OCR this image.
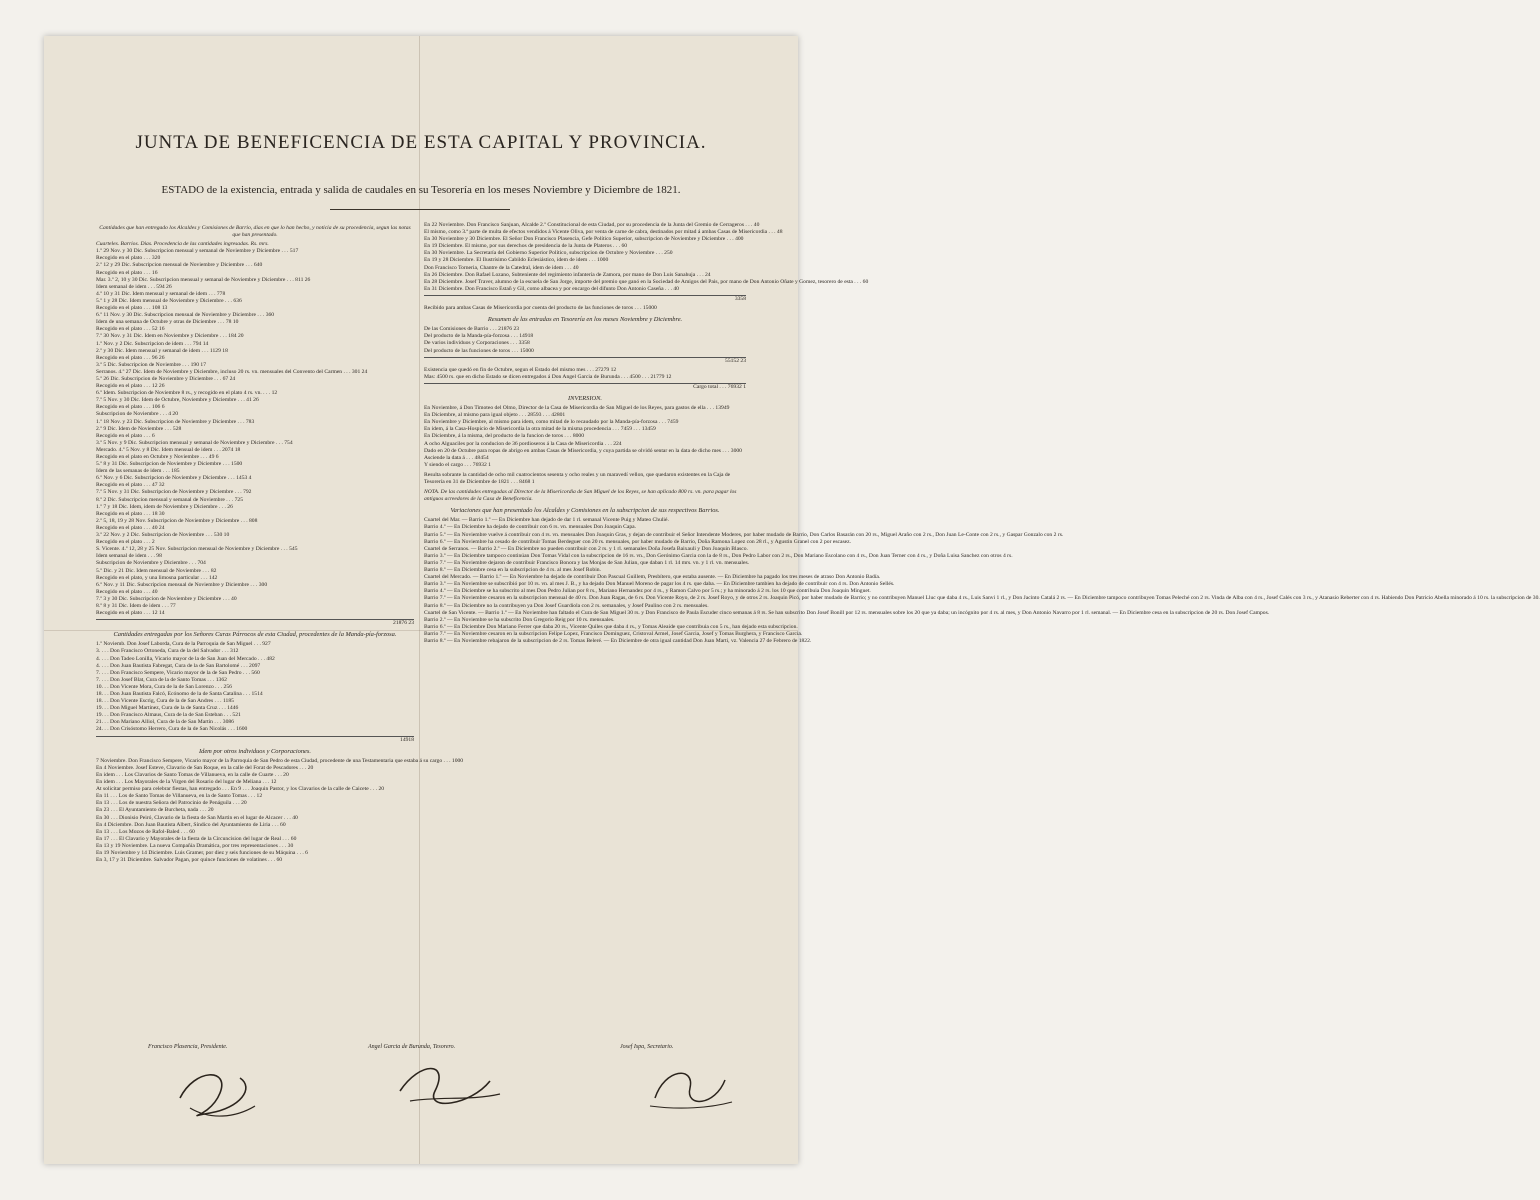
JUNTA DE BENEFICENCIA DE ESTA CAPITAL Y PROVINCIA.
ESTADO de la existencia, entrada y salida de caudales en su Tesorería en los meses Noviembre y Diciembre de 1821.
Cantidades que han entregado los Alcaldes y Comisiones de Barrio, dias en que lo han hecho, y noticia de su procedencia, segun las notas que han presentado.
Cuarteles. Barrios. Dias. Procedencia de las cantidades ingresadas. Rs. mrs.
1.º 29 Nov. y 30 Dic. Subscripcion mensual y semanal de Noviembre y Diciembre . . . 517
Recogido en el plato . . . 320
2.º 12 y 29 Dic. Subscripcion mensual de Noviembre y Diciembre . . . 640
Recogido en el plato . . . 16
Mar. 3.º 2, 10 y 30 Dic. Subscripcion mensual y semanal de Noviembre y Diciembre . . . 811 26
Idem semanal de idem . . . 594 26
4.º 10 y 31 Dic. Idem mensual y semanal de idem . . . 778
5.º 1 y 28 Dic. Idem mensual de Noviembre y Diciembre . . . 636
Recogido en el plato . . . 108 13
6.º 11 Nov. y 30 Dic. Subscripcion mensual de Noviembre y Diciembre . . . 360
Idem de una semana de Octubre y otras de Diciembre . . . 78 10
Recogido en el plato . . . 52 16
7.º 30 Nov. y 31 Dic. Idem en Noviembre y Diciembre . . . 184 20
1.º Nov. y 2 Dic. Subscripcion de idem . . . 794 14
2.º y 30 Dic. Idem mensual y semanal de idem . . . 1129 18
Recogido en el plato . . . 96 26
3.º 5 Dic. Subscripcion de Noviembre . . . 190 17
Serranos. 4.º 27 Dic. Idem de Noviembre y Diciembre, incluso 20 rs. vn. mensuales del Convento del Carmen . . . 301 24
5.º 26 Dic. Subscripcion de Noviembre y Diciembre . . . 67 24
Recogido en el plato . . . 12 26
6.º Idem. Subscripcion de Noviembre 8 rs., y recogido en el plato 4 rs. vn. . . . 12
7.º 5 Nov. y 30 Dic. Idem de Octubre, Noviembre y Diciembre . . . 41 26
Recogido en el plato . . . 106 6
Subscripcion de Noviembre . . . 4 20
1.º 18 Nov. y 23 Dic. Subscripcion de Noviembre y Diciembre . . . 783
2.º 9 Dic. Idem de Noviembre . . . 528
Recogido en el plato . . . 6
3.º 5 Nov. y 9 Dic. Subscripcion mensual y semanal de Noviembre y Diciembre . . . 754
Mercado. 4.º 5 Nov. y 8 Dic. Idem mensual de idem . . . 2074 18
Recogido en el plato en Octubre y Noviembre . . . 49 6
5.º 8 y 31 Dic. Subscripcion de Noviembre y Diciembre . . . 1500
Idem de las semanas de idem . . . 185
6.º Nov. y 6 Dic. Subscripcion de Noviembre y Diciembre . . . 1453 4
Recogido en el plato . . . 47 32
7.º 5 Nov. y 31 Dic. Subscripcion de Noviembre y Diciembre . . . 792
8.º 2 Dic. Subscripcion mensual y semanal de Noviembre . . . 725
1.º 7 y 18 Dic. Idem, idem de Noviembre y Diciembre . . . 26
Recogido en el plato . . . 18 30
2.º 5, 18, 19 y 28 Nov. Subscripcion de Noviembre y Diciembre . . . 808
Recogido en el plato . . . 40 24
3.º 22 Nov. y 2 Dic. Subscripcion de Noviembre . . . 530 10
Recogido en el plato . . . 2
S. Vicente. 4.º 12, 28 y 25 Nov. Subscripcion mensual de Noviembre y Diciembre . . . 545
Idem semanal de idem . . . 98
Subscripcion de Noviembre y Diciembre . . . 704
5.º Dic. y 21 Dic. Idem mensual de Noviembre . . . 82
Recogido en el plato, y una limosna particular . . . 142
6.º Nov. y 11 Dic. Subscripcion mensual de Noviembre y Diciembre . . . 300
Recogido en el plato . . . 40
7.º 3 y 30 Dic. Subscripcion de Noviembre y Diciembre . . . 40
8.º 8 y 31 Dic. Idem de idem . . . 77
Recogido en el plato . . . 12 14
21876 23
Cantidades entregadas por los Señores Curas Párrocos de esta Ciudad, procedentes de la Manda-pía-forzosa.
1.º Noviemb. Don Josef Laborda, Cura de la Parroquia de San Miguel . . . 927
3. . . . Don Francisco Ortoneda, Cura de la del Salvador . . . 312
4. . . . Don Tadeo Lonilla, Vicario mayor de la de San Juan del Mercado . . . 482
4. . . . Don Juan Bautista Fabregat, Cura de la de San Bartolomé . . . 2097
7. . . . Don Francisco Sempere, Vicario mayor de la de San Pedro . . . 560
7. . . . Don Josef Blat, Cura de la de Santo Tomas . . . 1362
10. . . Don Vicente Mora, Cura de la de San Lorenzo . . . 256
18. . . Don Juan Bautista Falcó, Ecónomo de la de Santa Catalina . . . 1514
18. . . Don Vicente Escrig, Cura de la de San Andres . . . 1185
19. . . Don Miguel Martinez, Cura de la de Santa Cruz . . . 1446
19. . . Don Francisco Almaus, Cura de la de San Esteban . . . 521
21. . . Don Mariano Alliol, Cura de la de San Martin . . . 3086
24. . . Don Crisóstomo Herrero, Cura de la de San Nicolás . . . 1600
14918
Idem por otros individuos y Corporaciones.
7 Noviembre. Don Francisco Sempere, Vicario mayor de la Parroquia de San Pedro de esta Ciudad, procedente de una Testamentaria que estaba á su cargo . . . 1000
En 4 Noviembre. Josef Esteve, Clavario de San Roque, en la calle del Forat de Pescadores . . . 20
En idem . . . Los Clavarios de Santo Tomas de Villanueva, en la calle de Cuarte . . . 20
En idem . . . Los Mayorales de la Virgen del Rosario del lugar de Meliana . . . 12
At solicitar permiso para celebrar fiestas, han entregado . . . En 9 . . . Joaquin Pastor, y los Clavarios de la calle de Caicete . . . 20
En 11 . . . Los de Santo Tomas de Villanueva, en la de Santo Tomas . . . 12
En 13 . . . Los de nuestra Señora del Patrocinio de Penáguila . . . 20
En 23 . . . El Ayuntamiento de Burcheta, nada . . . 20
En 30 . . . Dionisio Peiró, Clavario de la fiesta de San Martin en el lugar de Alcacer . . . 40
En 4 Diciembre. Don Juan Bautista Albert, Síndico del Ayuntamiento de Liria . . . 60
En 13 . . . Los Mozos de Rafol-Baled . . . 60
En 17 . . . El Clavario y Mayorales de la fiesta de la Circuncision del lugar de Real . . . 60
En 13 y 19 Noviembre. La nueva Compañía Dramática, por tres representaciones . . . 30
En 19 Noviembre y 14 Diciembre. Luis Gramer, por diez y seis funciones de su Máquina . . . 6
En 3, 17 y 31 Diciembre. Salvador Pagan, por quince funciones de volatines . . . 60
En 22 Noviembre. Don Francisco Sanjuan, Alcalde 2.º Constitucional de esta Ciudad, por su procedencia de la Junta del Gremio de Cerrageros . . . 40
El mismo, como 3.ª parte de multa de efectos vendidos á Vicente Oliva, por venta de carne de cabra, destinados por mitad á ambas Casas de Misericordia . . . 48
En 30 Noviembre y 30 Diciembre. El Señor Don Francisco Plasencia, Gefe Político Superior, subscripcion de Noviembre y Diciembre . . . 400
En 19 Diciembre. El mismo, por sus derechos de presidencia de la Junta de Plateros . . . 60
En 30 Noviembre. La Secretaría del Gobierno Superior Político, subscripcion de Octubre y Noviembre . . . 250
En 19 y 28 Diciembre. El Ilustrísimo Cabildo Eclesiástico, idem de idem . . . 1000
Don Francisco Torneria, Chantre de la Catedral, idem de idem . . . 40
En 26 Diciembre. Don Rafael Lozano, Subteniente del regimiento infantería de Zamora, por mano de Don Luis Sanahuja . . . 24
En 28 Diciembre. Josef Traver, alumno de la escuela de San Jorge, importe del premio que ganó en la Sociedad de Amigos del Pais, por mano de Don Antonio Oñate y Gomez, tesorero de esta . . . 60
En 31 Diciembre. Don Francisco Estañ y Gil, como albacea y por encargo del difunto Don Antonio Caseña . . . 40
3358
Recibido para ambas Casas de Misericordia por cuenta del producto de las funciones de toros . . . 15000
Resumen de las entradas en Tesorería en los meses Noviembre y Diciembre.
De las Comisiones de Barrio . . . 21876 23
Del producto de la Manda-pía-forzosa . . . 14918
De varios individuos y Corporaciones . . . 3358
Del producto de las funciones de toros . . . 15000
55152 23
Existencia que quedó en fin de Octubre, segun el Estado del mismo mes . . . 27279 12
Mas: 4500 rs. que en dicho Estado se dicen entregados á Don Angel Garcia de Burunda . . . 4500 . . . 21779 12
Cargo total . . . 76932 1
INVERSION.
En Noviembre, á Don Timoteo del Olmo, Director de la Casa de Misericordia de San Miguel de los Reyes, para gastos de ella . . . 13949
En Diciembre, al mismo para igual objeto . . . 28593 . . . 42801
En Noviembre y Diciembre, al mismo para idem, como mitad de lo recaudado por la Manda-pía-forzosa . . . 7459
En idem, á la Casa-Hospicio de Misericordia la otra mitad de la misma procedencia . . . 7459 . . . 13459
En Diciembre, á la misma, del producto de la funcion de toros . . . 8000
A ocho Alguaciles por la conducion de 36 pordioseros á la Casa de Misericordia . . . 224
Dado en 20 de Octubre para ropas de abrigo en ambas Casas de Misericordia, y cuya partida se olvidó sentar en la data de dicho mes . . . 3000
Asciende la data á . . . 48454
Y siendo el cargo . . . 76932 1
Resulta sobrante la cantidad de ocho mil cuatrocientos sesenta y ocho reales y un maravedí vellon, que quedaron existentes en la Caja de Tesorería en 31 de Diciembre de 1821 . . . 8468 1
NOTA. De las cantidades entregadas al Director de la Misericordia de San Miguel de los Reyes, se han aplicado 800 rs. vn. para pagar los antiguos acreedores de la Casa de Beneficencia.
Variaciones que han presentado los Alcaldes y Comisiones en la subscripcion de sus respectivos Barrios.
Cuartel del Mar. — Barrio 1.º — En Diciembre han dejado de dar 1 rl. semanal Vicente Puig y Mateo Chulié.
Barrio 4.º — En Diciembre ha dejado de contribuir con 6 rs. vn. mensuales Don Joaquin Capa.
Barrio 5.º — En Noviembre vuelve á contribuir con 4 rs. vn. mensuales Don Joaquin Gras, y dejan de contribuir el Señor Intendente Moderes, por haber mudado de Barrio, Don Carlos Basarán con 20 rs., Miguel Araño con 2 rs., Don Juan Le-Conte con 2 rs., y Gaspar Gonzalo con 2 rs.
Barrio 6.º — En Noviembre ha cesado de contribuir Tomas Berdeguer con 20 rs. mensuales, por haber mudado de Barrio, Doña Ramona Lopez con 28 rl., y Agustin Granel con 2 por escasez.
Cuartel de Serranos. — Barrio 2.º — En Diciembre no pueden contribuir con 2 rs. y 1 rl. semanales Doña Josefa Baixauli y Don Joaquin Blasco.
Barrio 3.º — En Diciembre tampoco continúan Don Tomas Vidal con la subscripcion de 16 rs. vn., Don Gerónimo Garcia con la de 8 rs., Don Pedro Labor con 2 rs., Don Mariano Escolano con 4 rs., Don Juan Terner con 4 rs., y Doña Luisa Sanchez con otros 4 rs.
Barrio 7.º — En Noviembre dejaron de contribuir Francisco Bonora y las Monjas de San Julian, que daban 1 rl. 14 mrs. vn. y 1 rl. vn. mensuales.
Barrio 8.º — En Diciembre cesa en la subscripcion de 4 rs. al mes Josef Robin.
Cuartel del Mercado. — Barrio 1.º — En Noviembre ha dejado de contribuir Don Pascual Guillem, Presbítero, que estaba ausente. — En Diciembre ha pagado los tres meses de atraso Don Antonio Badía.
Barrio 3.º — En Noviembre se subscribió por 10 rs. vn. al mes J. B., y ha dejado Don Manuel Moreno de pagar los 4 rs. que daba. — En Diciembre tambien ha dejado de contribuir con 4 rs. Don Antonio Sellés.
Barrio 4.º — En Diciembre se ha subscrito al mes Don Pedro Julian por 8 rs., Mariano Hernandez por 4 rs., y Ramon Calvo por 5 rs.; y ha minorado á 2 rs. los 10 que contribuia Don Joaquin Minguet.
Barrio 7.º — En Noviembre cesaron en la subscripcion mensual de 40 rs. Don Juan Ragas, de 6 rs. Don Vicente Royo, de 2 rs. Josef Royo, y de otros 2 rs. Joaquin Picó, por haber mudado de Barrio; y no contribuyen Manuel Lluc que daba 4 rs., Luis Sanvi 1 rl., y Don Jacinto Catalá 2 rs. — En Diciembre tampoco contribuyen Tomas Peleché con 2 rs. Vinda de Alba con 4 rs., Josef Calés con 3 rs., y Atanasio Reberter con 4 rs. Habiendo Don Patricio Abella minorado á 10 rs. la subscripcion de 30.
Barrio 8.º — En Diciembre no la contribuyen ya Don Josef Guardiola con 2 rs. semanales, y Josef Paulino con 2 rs. mensuales.
Cuartel de San Vicente. — Barrio 1.º — En Noviembre han faltado el Cura de San Miguel 30 rs. y Don Francisco de Paula Escuder cinco semanas á 8 rs. Se han subscrito Don Josef Bonill por 12 rs. mensuales sobre los 20 que ya daba; un incógnito por 4 rs. al mes, y Don Antonio Navarro por 1 rl. semanal. — En Diciembre cesa en la subscripcion de 20 rs. Don Josef Campos.
Barrio 2.º — En Noviembre se ha subscrito Don Gregorio Reig por 10 rs. mensuales.
Barrio 6.º — En Diciembre Don Mariano Ferrer que daba 20 rs., Vicente Quiles que daba 4 rs., y Tomas Aleaide que contribuia con 5 rs., han dejado esta subscripcion.
Barrio 7.º — En Noviembre cesaron en la subscripcion Felipe Lopez, Francisco Dominguez, Cristoval Armel, Josef Garcia, Josef y Tomas Burghera, y Francisco Garcia.
Barrio 8.º — En Noviembre rebajaron de la subscripcion de 2 rs. Tomas Beleré. — En Diciembre de otra igual cantidad Don Juan Marti, vz. Valencia 27 de Febrero de 1822.
Francisco Plasencia, Presidente.	Angel Garcia de Burunda, Tesorero.	Josef Ispa, Secretario.
